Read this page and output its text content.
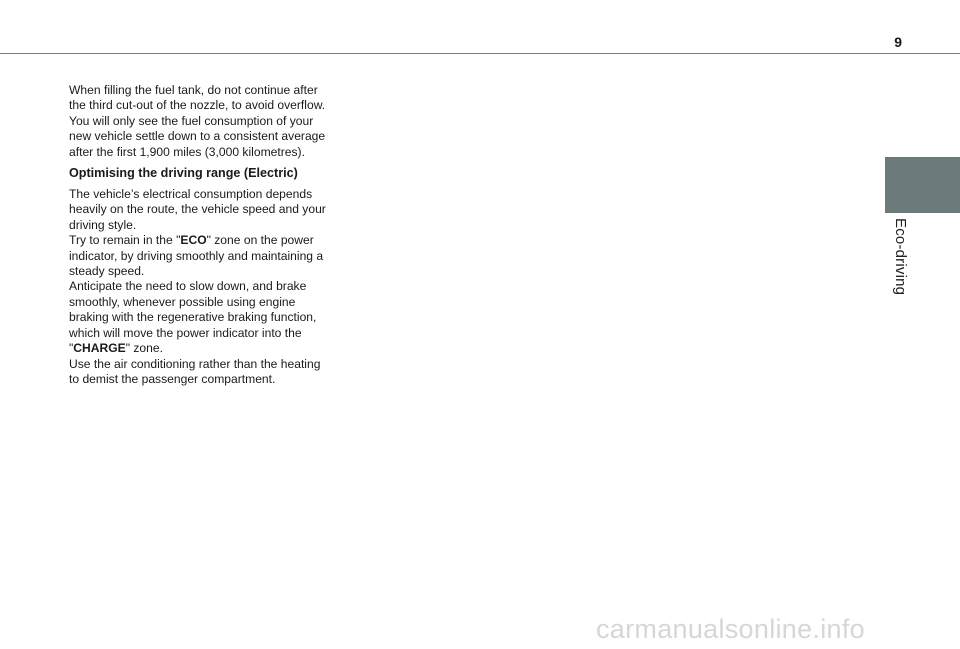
9
Eco-driving

When filling the fuel tank, do not continue after
the third cut-out of the nozzle, to avoid overflow.
You will only see the fuel consumption of your
new vehicle settle down to a consistent average
after the first 1,900 miles (3,000 kilometres).

Optimising the driving range (Electric)

The vehicle’s electrical consumption depends
heavily on the route, the vehicle speed and your
driving style.
Try to remain in the "ECO" zone on the power
indicator, by driving smoothly and maintaining a
steady speed.
Anticipate the need to slow down, and brake
smoothly, whenever possible using engine
braking with the regenerative braking function,
which will move the power indicator into the
"CHARGE" zone.
Use the air conditioning rather than the heating
to demist the passenger compartment.

carmanualsonline.info
